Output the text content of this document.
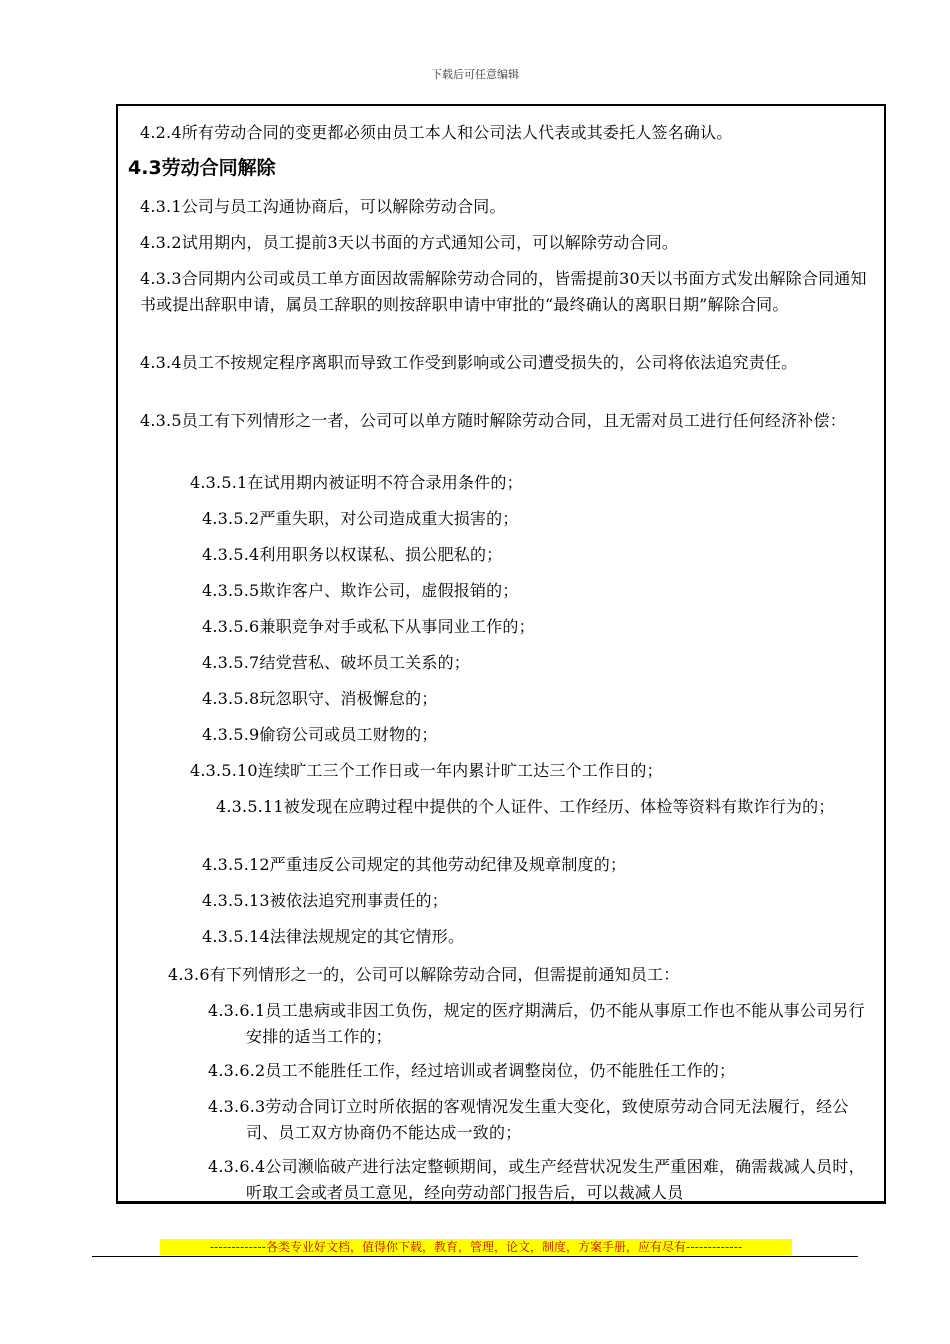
下载后可任意编辑
4.2.4所有劳动合同的变更都必须由员工本人和公司法人代表或其委托人签名确认。
4.3劳动合同解除
4.3.1公司与员工沟通协商后，可以解除劳动合同。
4.3.2试用期内，员工提前3天以书面的方式通知公司，可以解除劳动合同。
4.3.3合同期内公司或员工单方面因故需解除劳动合同的，皆需提前30天以书面方式发出解除合同通知书或提出辞职申请，属员工辞职的则按辞职申请中审批的“最终确认的离职日期”解除合同。
4.3.4员工不按规定程序离职而导致工作受到影响或公司遭受损失的，公司将依法追究责任。
4.3.5员工有下列情形之一者，公司可以单方随时解除劳动合同，且无需对员工进行任何经济补偿：
4.3.5.1在试用期内被证明不符合录用条件的；
4.3.5.2严重失职，对公司造成重大损害的；
4.3.5.4利用职务以权谋私、损公肥私的；
4.3.5.5欺诈客户、欺诈公司，虚假报销的；
4.3.5.6兼职竞争对手或私下从事同业工作的；
4.3.5.7结党营私、破坏员工关系的；
4.3.5.8玩忽职守、消极懈怠的；
4.3.5.9偷窃公司或员工财物的；
4.3.5.10连续旷工三个工作日或一年内累计旷工达三个工作日的；
4.3.5.11被发现在应聘过程中提供的个人证件、工作经历、体检等资料有欺诈行为的；
4.3.5.12严重违反公司规定的其他劳动纪律及规章制度的；
4.3.5.13被依法追究刑事责任的；
4.3.5.14法律法规规定的其它情形。
4.3.6有下列情形之一的，公司可以解除劳动合同，但需提前通知员工：
4.3.6.1员工患病或非因工负伤，规定的医疗期满后，仍不能从事原工作也不能从事公司另行安排的适当工作的；
4.3.6.2员工不能胜任工作，经过培训或者调整岗位，仍不能胜任工作的；
4.3.6.3劳动合同订立时所依据的客观情况发生重大变化，致使原劳动合同无法履行，经公司、员工双方协商仍不能达成一致的；
4.3.6.4公司濒临破产进行法定整顿期间，或生产经营状况发生严重困难，确需裁减人员时，听取工会或者员工意见，经向劳动部门报告后，可以裁减人员
-------------各类专业好文档，值得你下载，教育，管理，论文，制度，方案手册，应有尽有-------------
